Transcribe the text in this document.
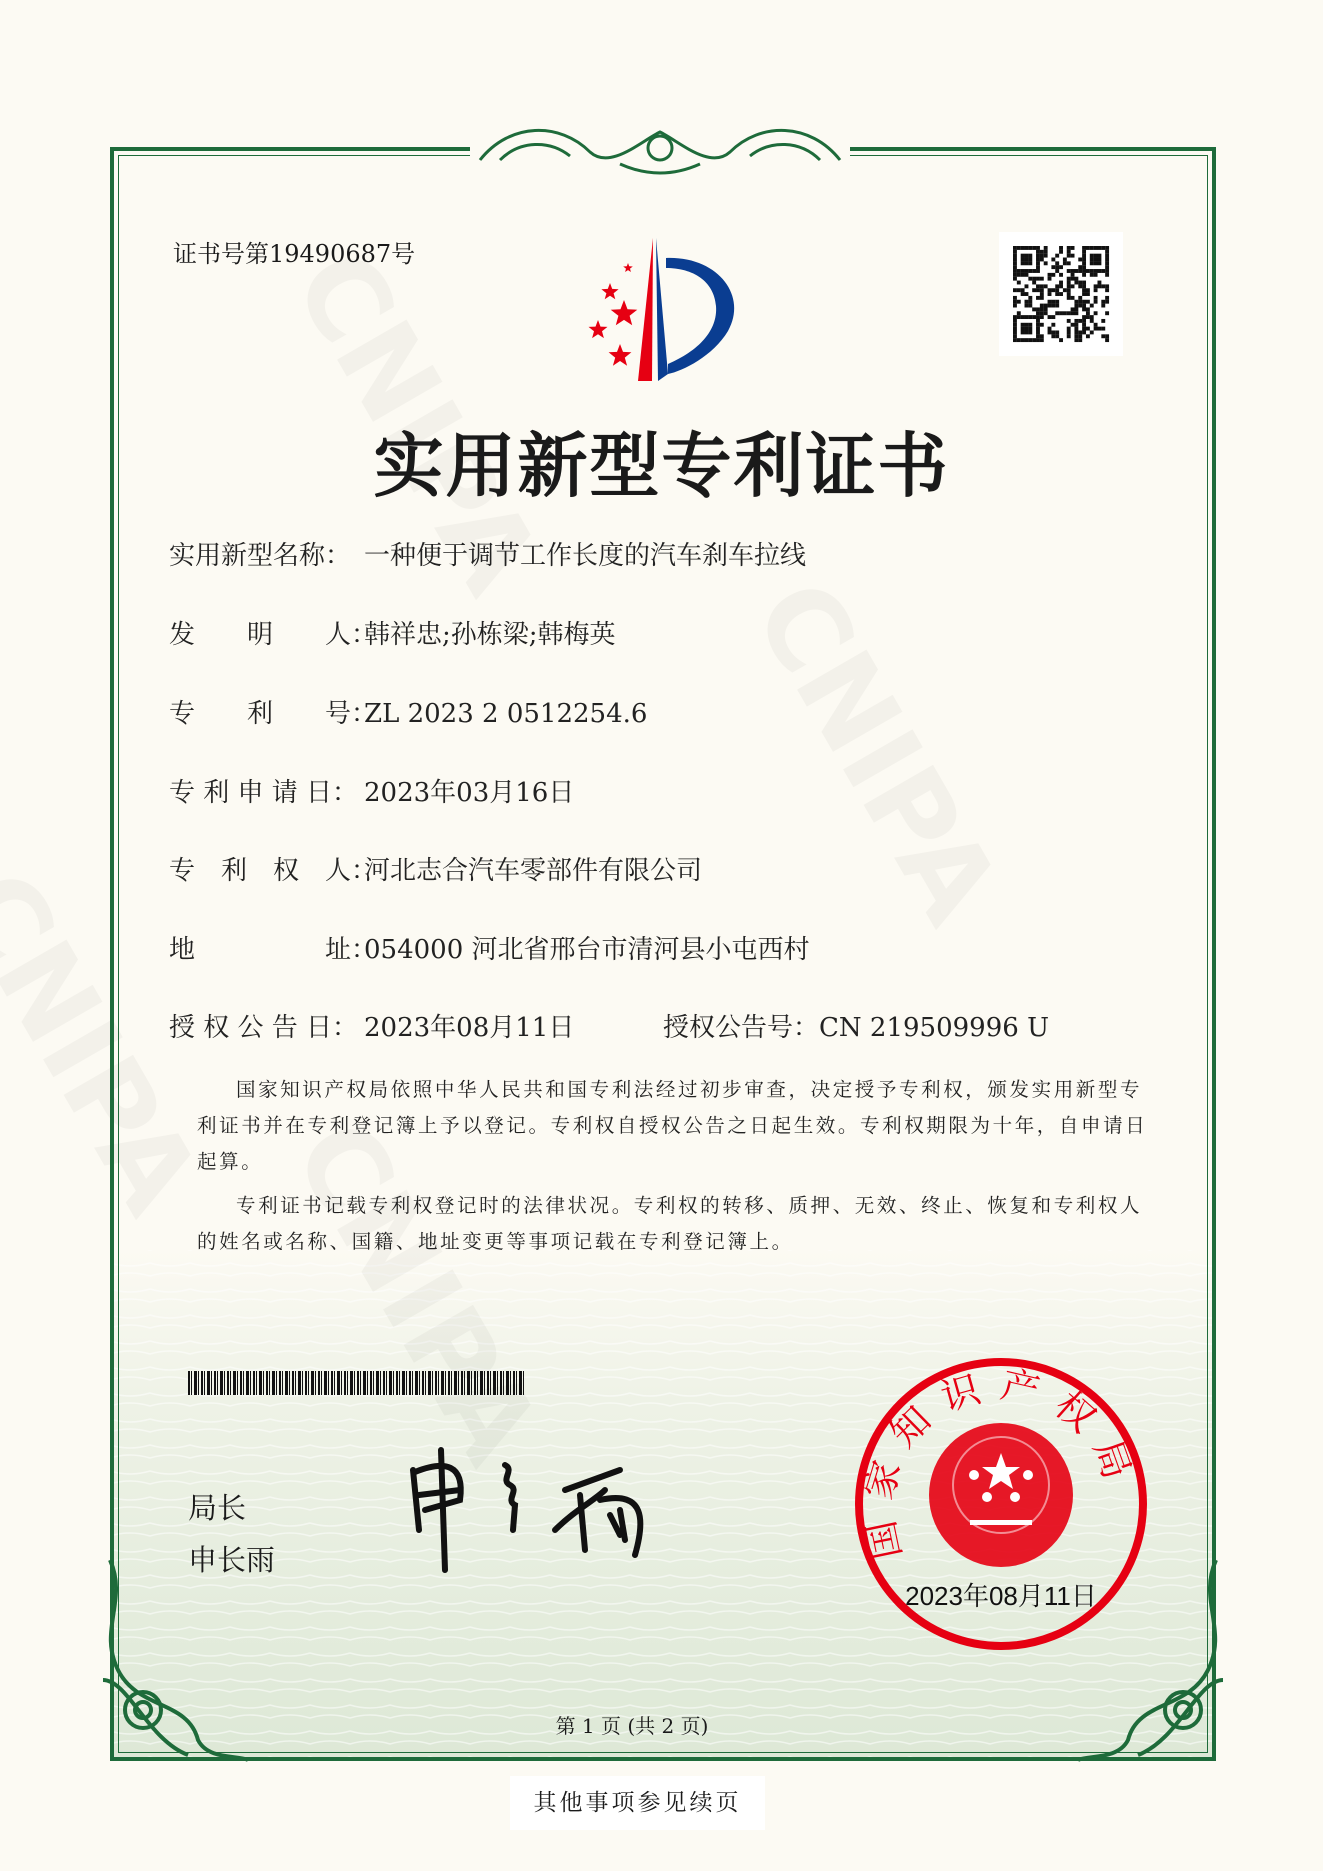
证书号第19490687号
实用新型专利证书
实用新型名称： 一种便于调节工作长度的汽车刹车拉线
发　　明　　人：
韩祥忠;孙栋梁;韩梅英
专　　利　　号：
ZL 2023 2 0512254.6
专 利 申 请 日： 2023年03月16日
专　利　权　人：
河北志合汽车零部件有限公司
地　　　　　址：
054000 河北省邢台市清河县小屯西村
授 权 公 告 日： 2023年08月11日	授权公告号：CN 219509996 U

国家知识产权局依照中华人民共和国专利法经过初步审查，决定授予专利权，颁发实用新型专利证书并在专利登记簿上予以登记。专利权自授权公告之日起生效。专利权期限为十年，自申请日起算。

专利证书记载专利权登记时的法律状况。专利权的转移、质押、无效、终止、恢复和专利权人的姓名或名称、国籍、地址变更等事项记载在专利登记簿上。

局长
申长雨	国家知识产权局
2023年08月11日
第 1 页 (共 2 页)
其他事项参见续页
